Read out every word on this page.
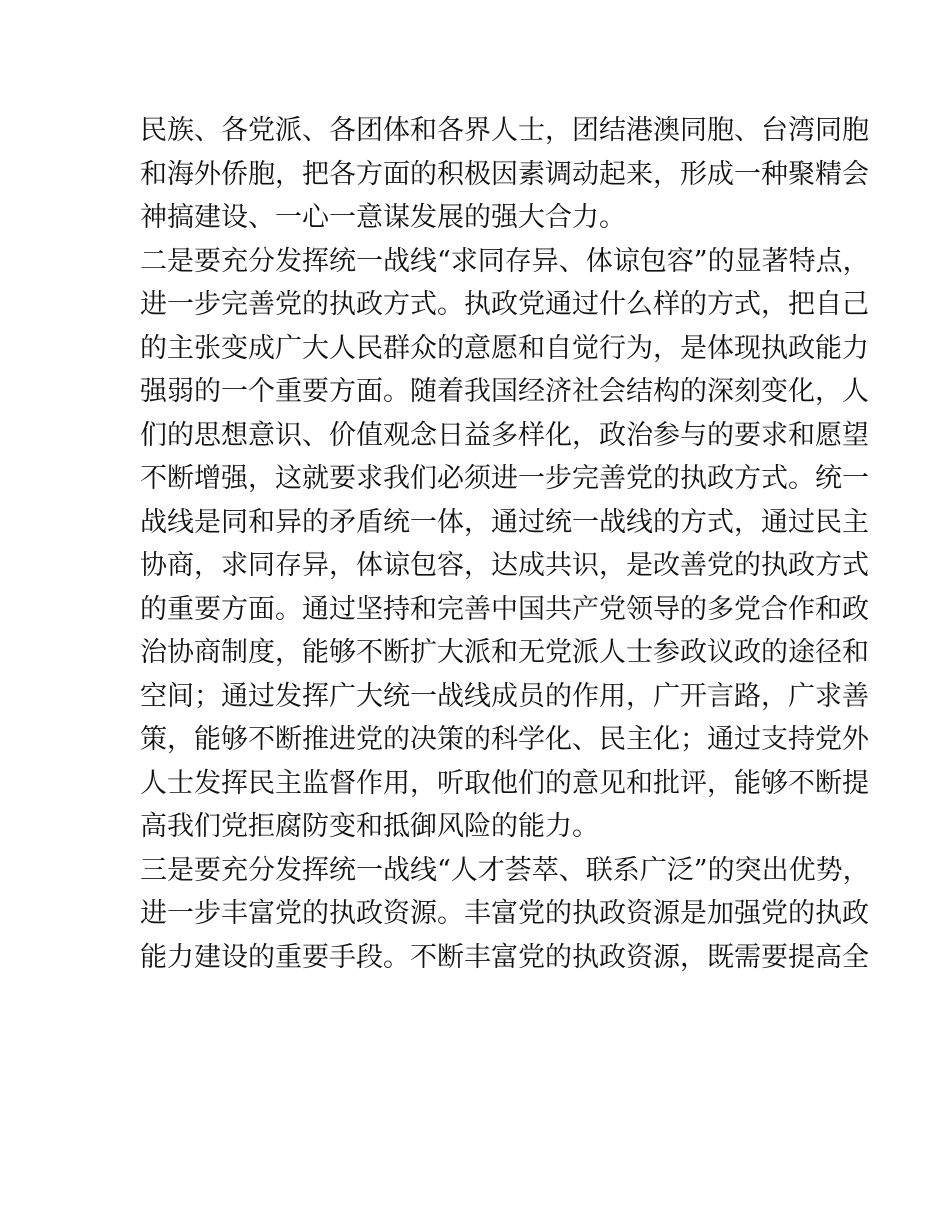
民族、各党派、各团体和各界人士，团结港澳同胞、台湾同胞
和海外侨胞，把各方面的积极因素调动起来，形成一种聚精会
神搞建设、一心一意谋发展的强大合力。
二是要充分发挥统一战线“求同存异、体谅包容”的显著特点，
进一步完善党的执政方式。执政党通过什么样的方式，把自己
的主张变成广大人民群众的意愿和自觉行为，是体现执政能力
强弱的一个重要方面。随着我国经济社会结构的深刻变化，人
们的思想意识、价值观念日益多样化，政治参与的要求和愿望
不断增强，这就要求我们必须进一步完善党的执政方式。统一
战线是同和异的矛盾统一体，通过统一战线的方式，通过民主
协商，求同存异，体谅包容，达成共识，是改善党的执政方式
的重要方面。通过坚持和完善中国共产党领导的多党合作和政
治协商制度，能够不断扩大派和无党派人士参政议政的途径和
空间；通过发挥广大统一战线成员的作用，广开言路，广求善
策，能够不断推进党的决策的科学化、民主化；通过支持党外
人士发挥民主监督作用，听取他们的意见和批评，能够不断提
高我们党拒腐防变和抵御风险的能力。
三是要充分发挥统一战线“人才荟萃、联系广泛”的突出优势，
进一步丰富党的执政资源。丰富党的执政资源是加强党的执政
能力建设的重要手段。不断丰富党的执政资源，既需要提高全
